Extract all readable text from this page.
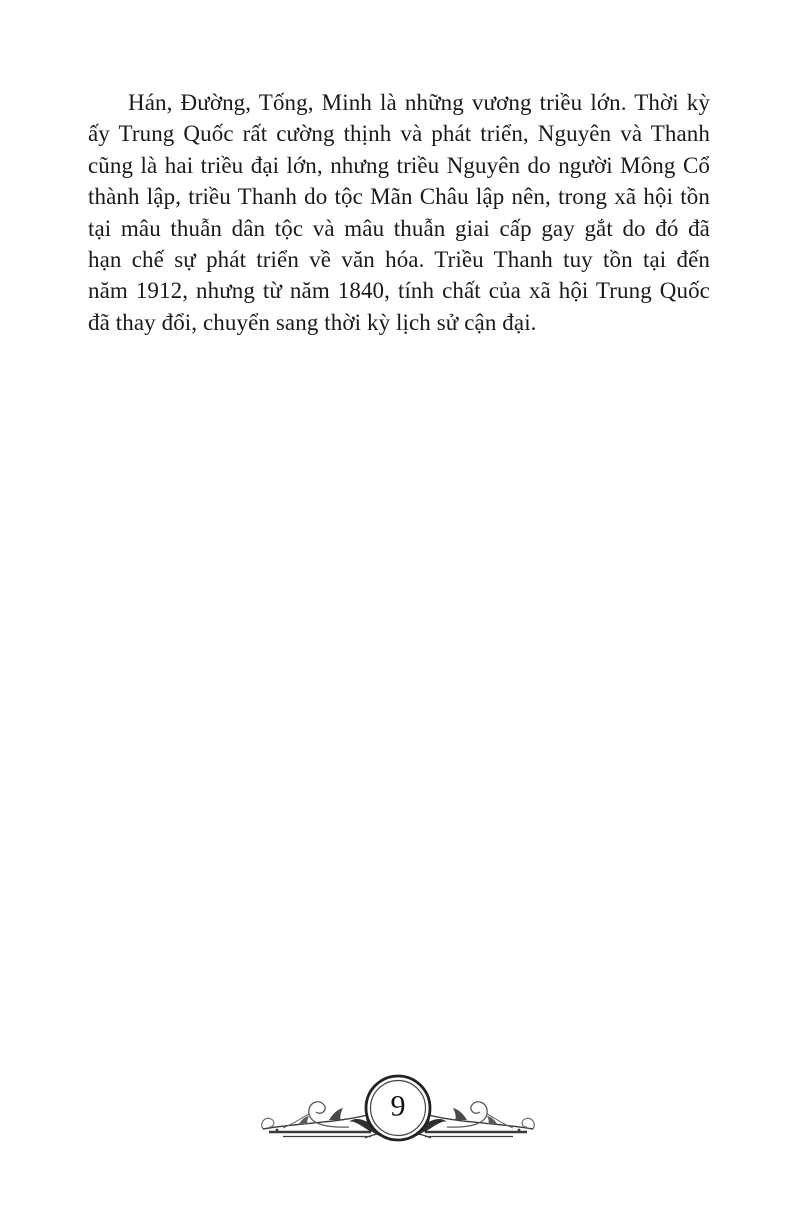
Hán, Đường, Tống, Minh là những vương triều lớn. Thời kỳ
ấy Trung Quốc rất cường thịnh và phát triển, Nguyên và Thanh
cũng là hai triều đại lớn, nhưng triều Nguyên do người Mông Cổ
thành lập, triều Thanh do tộc Mãn Châu lập nên, trong xã hội tồn
tại mâu thuẫn dân tộc và mâu thuẫn giai cấp gay gắt do đó đã
hạn chế sự phát triển về văn hóa. Triều Thanh tuy tồn tại đến
năm 1912, nhưng từ năm 1840, tính chất của xã hội Trung Quốc
đã thay đổi, chuyển sang thời kỳ lịch sử cận đại.
9
